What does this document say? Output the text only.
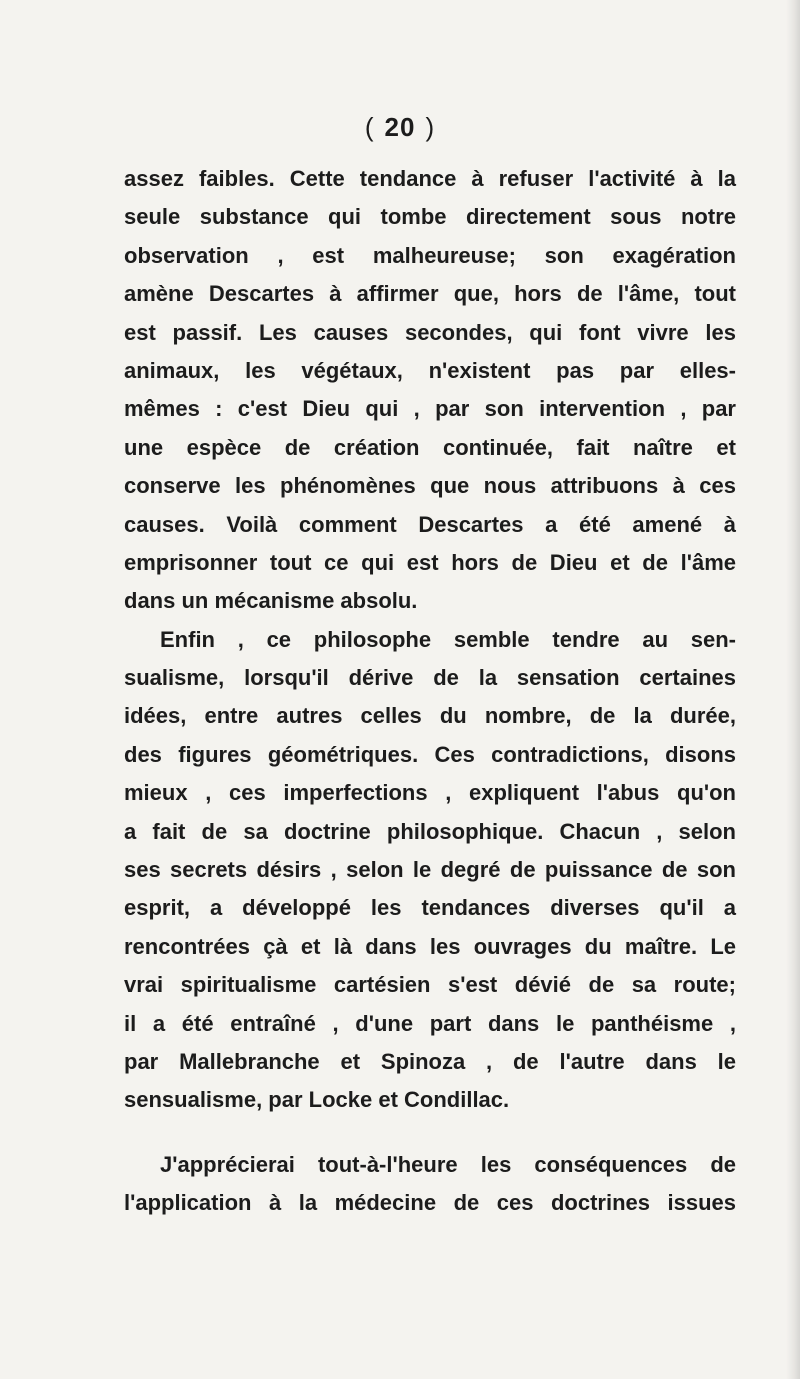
( 20 )
assez faibles. Cette tendance à refuser l'activité à la
seule substance qui tombe directement sous notre
observation , est malheureuse; son exagération
amène Descartes à affirmer que, hors de l'âme, tout
est passif. Les causes secondes, qui font vivre les
animaux, les végétaux, n'existent pas par elles-
mêmes : c'est Dieu qui , par son intervention , par
une espèce de création continuée, fait naître et
conserve les phénomènes que nous attribuons à ces
causes. Voilà comment Descartes a été amené à
emprisonner tout ce qui est hors de Dieu et de l'âme
dans un mécanisme absolu.
Enfin , ce philosophe semble tendre au sen-
sualisme, lorsqu'il dérive de la sensation certaines
idées, entre autres celles du nombre, de la durée,
des figures géométriques. Ces contradictions, disons
mieux , ces imperfections , expliquent l'abus qu'on
a fait de sa doctrine philosophique. Chacun , selon
ses secrets désirs , selon le degré de puissance de son
esprit, a développé les tendances diverses qu'il a
rencontrées çà et là dans les ouvrages du maître. Le
vrai spiritualisme cartésien s'est dévié de sa route;
il a été entraîné , d'une part dans le panthéisme ,
par Mallebranche et Spinoza , de l'autre dans le
sensualisme, par Locke et Condillac.
J'apprécierai tout-à-l'heure les conséquences de
l'application à la médecine de ces doctrines issues
